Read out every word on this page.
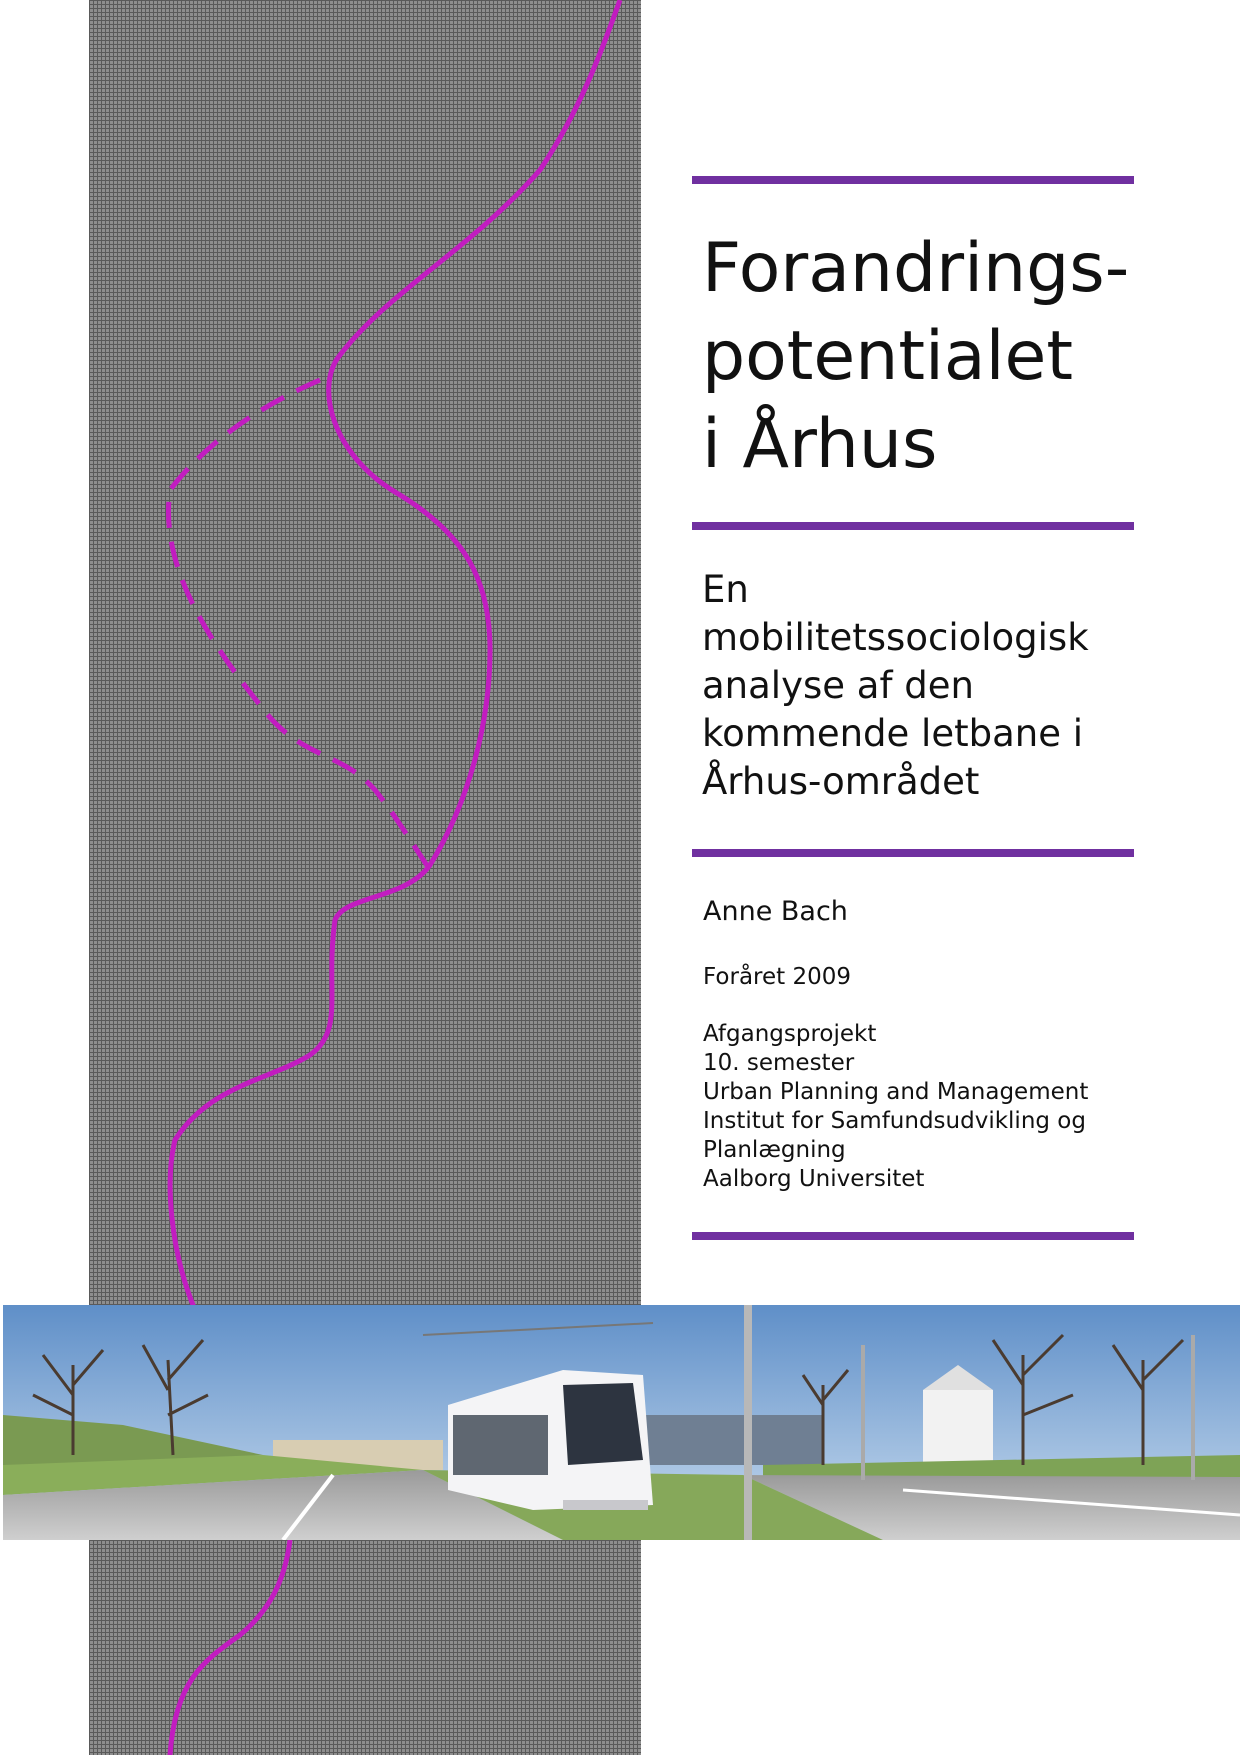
Forandrings-
potentialet
i Århus
En
mobilitetssociologisk
analyse af den
kommende letbane i
Århus-området

Anne Bach

Foråret 2009

Afgangsprojekt
10. semester
Urban Planning and Management
Institut for Samfundsudvikling og
Planlægning
Aalborg Universitet
